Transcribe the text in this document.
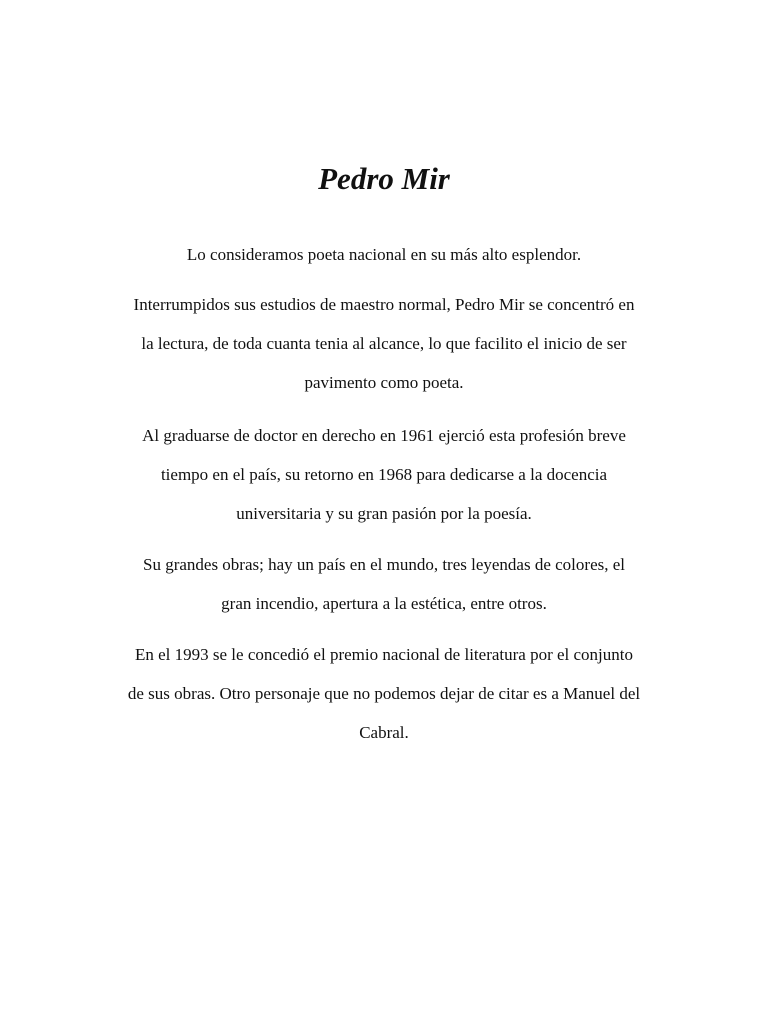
Pedro Mir
Lo consideramos poeta nacional en su más alto esplendor.
Interrumpidos sus estudios de maestro normal, Pedro Mir se concentró en
la lectura, de toda cuanta tenia al alcance, lo que facilito el inicio de ser
pavimento como poeta.
Al graduarse de doctor en derecho en 1961 ejerció esta profesión breve
tiempo en el país, su retorno en 1968 para dedicarse a la docencia
universitaria y su gran pasión por la poesía.
Su grandes obras; hay un país en el mundo, tres leyendas de colores, el
gran incendio, apertura a la estética, entre otros.
En el 1993 se le concedió el premio nacional de literatura por el conjunto
de sus obras. Otro personaje que no podemos dejar de citar es a Manuel del
Cabral.
